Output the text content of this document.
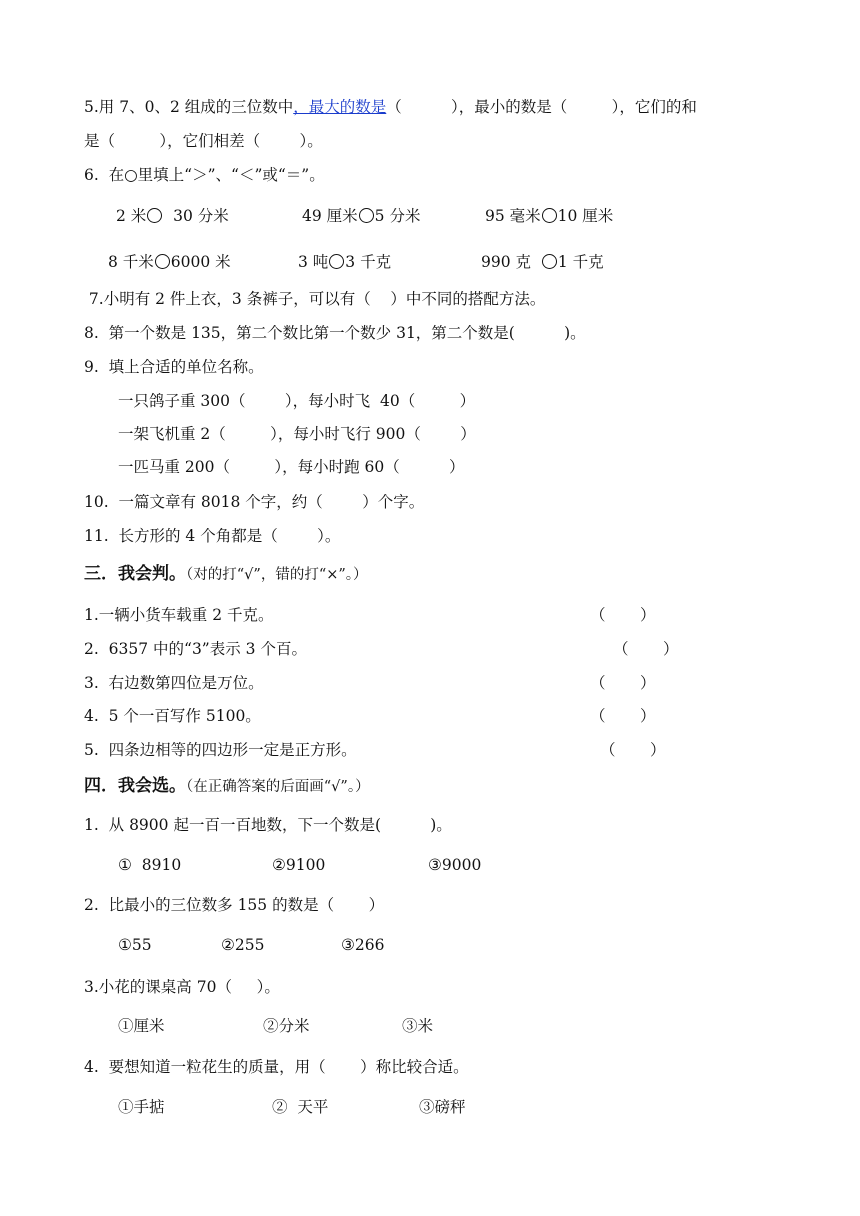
5.用 7、0、2 组成的三位数中，最大的数是（          ），最小的数是（         ），它们的和
是（         ），它们相差（        ）。
6.  在○里填上“＞”、“＜”或“＝”。
2 米  30 分米	49 厘米 5 分米	95 毫米 10 厘米
8 千米 6000 米	3 吨 3 千克	990 克  1 千克
7.小明有 2 件上衣，3 条裤子，可以有（    ）中不同的搭配方法。
8.  第一个数是 135，第二个数比第一个数少 31，第二个数是(          )。
9.  填上合适的单位名称。
一只鸽子重 300（        ），每小时飞  40（         ）
一架飞机重 2（         ），每小时飞行 900（        ）
一匹马重 200（         ），每小时跑 60（          ）
10.  一篇文章有 8018 个字，约（        ）个字。
11.  长方形的 4 个角都是（        ）。
三．我会判。（对的打“√”，错的打“×”。）
1.一辆小货车载重 2 千克。	（       ）
2.  6357 中的“3”表示 3 个百。	（       ）
3.  右边数第四位是万位。	（       ）
4.  5 个一百写作 5100。	（       ）
5.  四条边相等的四边形一定是正方形。	（       ）
四．我会选。（在正确答案的后面画“√”。）
1.  从 8900 起一百一百地数，下一个数是(          )。
①  8910	②9100	③9000
2.  比最小的三位数多 155 的数是（       ）
①55	②255	③266
3.小花的课桌高 70（     ）。
①厘米	②分米	③米
4.  要想知道一粒花生的质量，用（       ）称比较合适。
①手掂	②  天平	③磅秤
